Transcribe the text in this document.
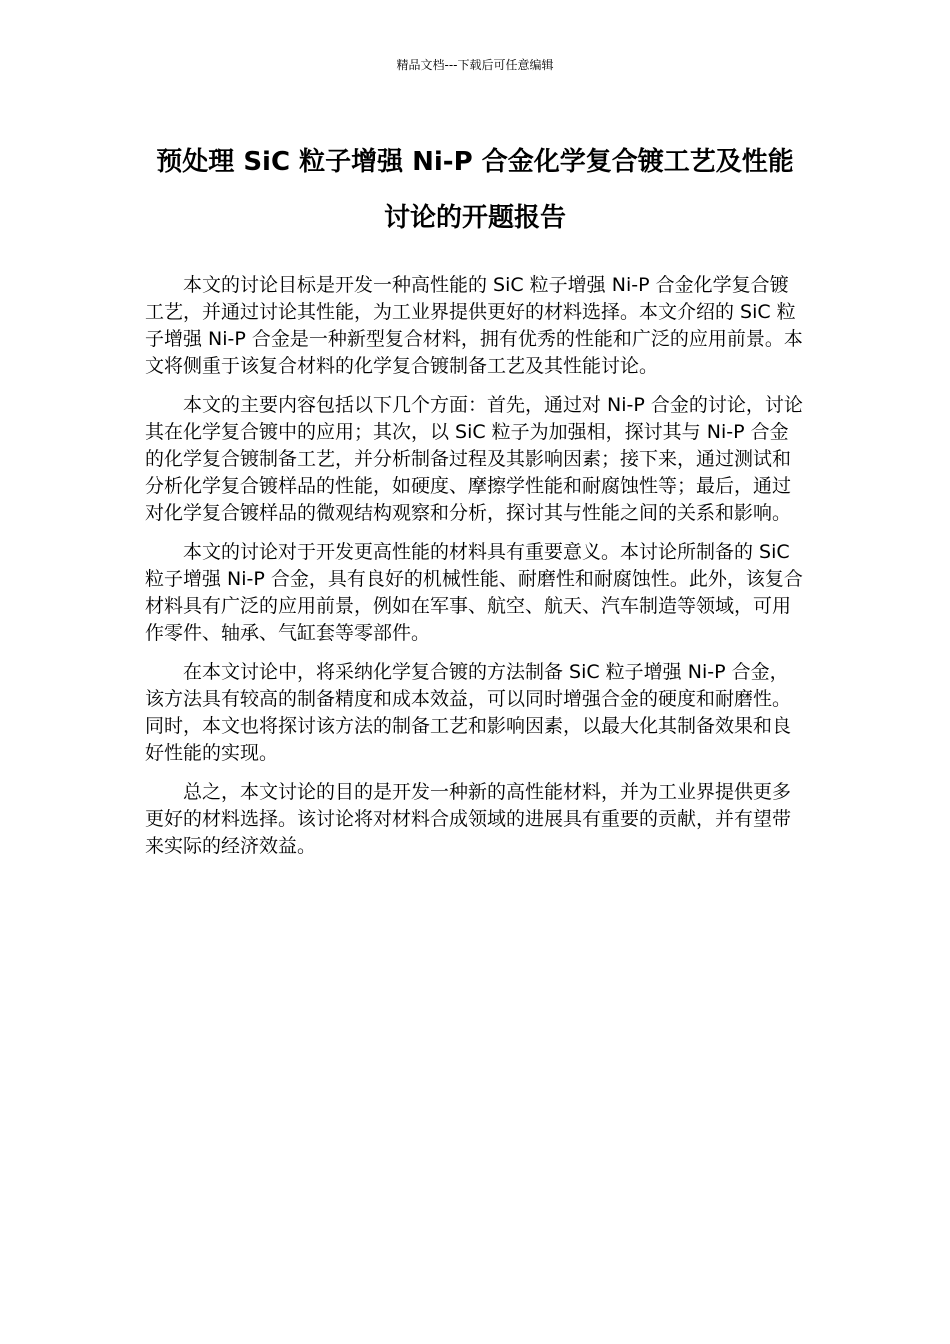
精品文档---下载后可任意编辑
预处理 SiC 粒子增强 Ni-P 合金化学复合镀工艺及性能讨论的开题报告

本文的讨论目标是开发一种高性能的 SiC 粒子增强 Ni-P 合金化学复合镀工艺，并通过讨论其性能，为工业界提供更好的材料选择。本文介绍的 SiC 粒子增强 Ni-P 合金是一种新型复合材料，拥有优秀的性能和广泛的应用前景。本文将侧重于该复合材料的化学复合镀制备工艺及其性能讨论。

本文的主要内容包括以下几个方面：首先，通过对 Ni-P 合金的讨论，讨论其在化学复合镀中的应用；其次，以 SiC 粒子为加强相，探讨其与 Ni-P 合金的化学复合镀制备工艺，并分析制备过程及其影响因素；接下来，通过测试和分析化学复合镀样品的性能，如硬度、摩擦学性能和耐腐蚀性等；最后，通过对化学复合镀样品的微观结构观察和分析，探讨其与性能之间的关系和影响。

本文的讨论对于开发更高性能的材料具有重要意义。本讨论所制备的 SiC 粒子增强 Ni-P 合金，具有良好的机械性能、耐磨性和耐腐蚀性。此外，该复合材料具有广泛的应用前景，例如在军事、航空、航天、汽车制造等领域，可用作零件、轴承、气缸套等零部件。

在本文讨论中，将采纳化学复合镀的方法制备 SiC 粒子增强 Ni-P 合金，该方法具有较高的制备精度和成本效益，可以同时增强合金的硬度和耐磨性。同时，本文也将探讨该方法的制备工艺和影响因素，以最大化其制备效果和良好性能的实现。

总之，本文讨论的目的是开发一种新的高性能材料，并为工业界提供更多更好的材料选择。该讨论将对材料合成领域的进展具有重要的贡献，并有望带来实际的经济效益。
